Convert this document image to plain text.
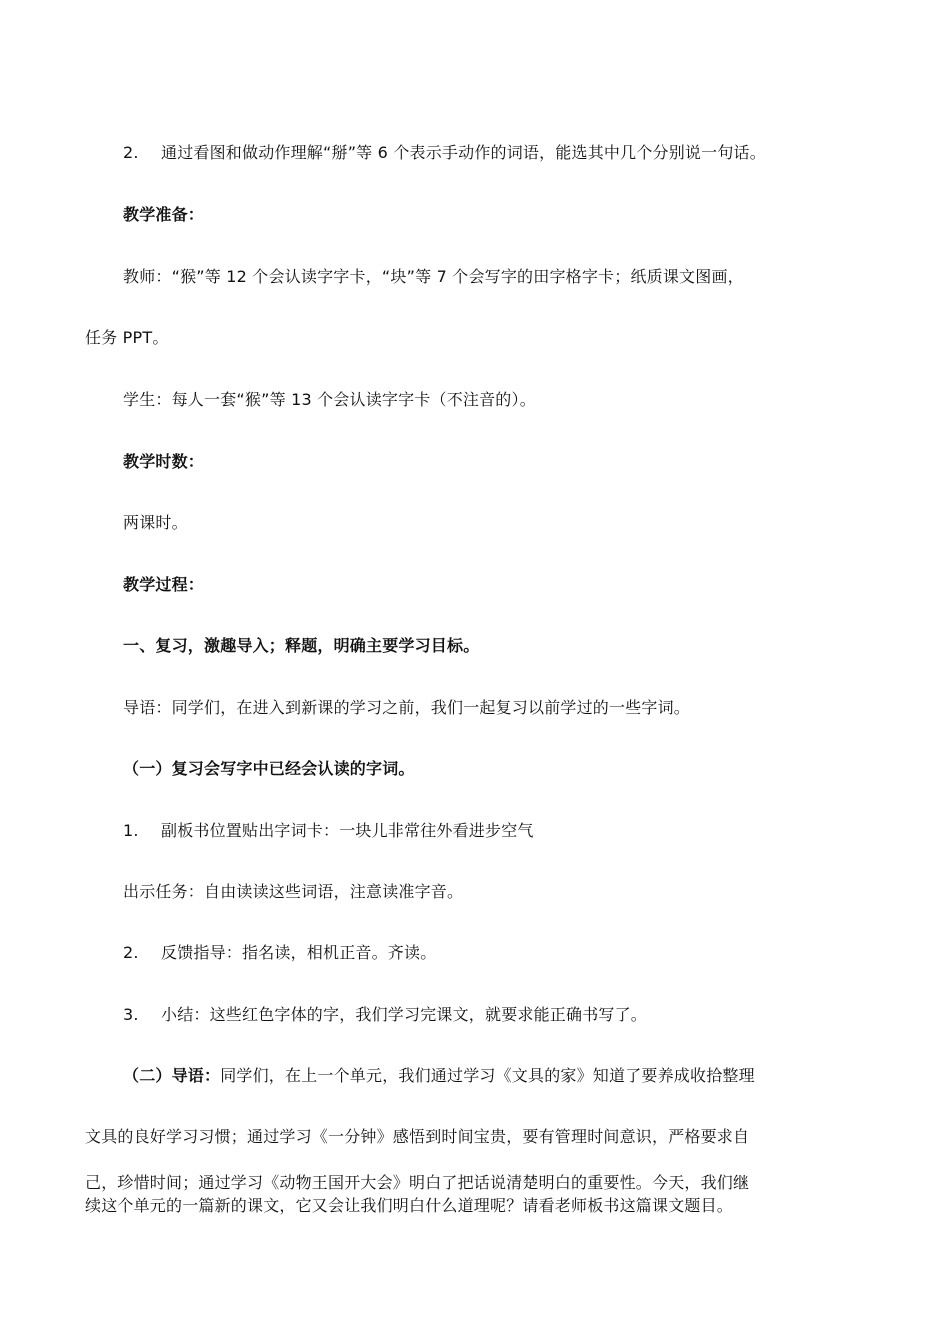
2. 通过看图和做动作理解“掰”等 6 个表示手动作的词语，能选其中几个分别说一句话。
教学准备：
教师：“猴”等 12 个会认读字字卡，“块”等 7 个会写字的田字格字卡；纸质课文图画，
任务 PPT。
学生：每人一套“猴”等 13 个会认读字字卡（不注音的）。
教学时数：
两课时。
教学过程：
一、复习，激趣导入；释题，明确主要学习目标。
导语：同学们，在进入到新课的学习之前，我们一起复习以前学过的一些字词。
（一）复习会写字中已经会认读的字词。
1. 副板书位置贴出字词卡：一块儿非常往外看进步空气
出示任务：自由读读这些词语，注意读准字音。
2. 反馈指导：指名读，相机正音。齐读。
3. 小结：这些红色字体的字，我们学习完课文，就要求能正确书写了。
（二）导语：同学们，在上一个单元，我们通过学习《文具的家》知道了要养成收拾整理
文具的良好学习习惯；通过学习《一分钟》感悟到时间宝贵，要有管理时间意识，严格要求自
己，珍惜时间；通过学习《动物王国开大会》明白了把话说清楚明白的重要性。今天，我们继
续这个单元的一篇新的课文，它又会让我们明白什么道理呢？请看老师板书这篇课文题目。
